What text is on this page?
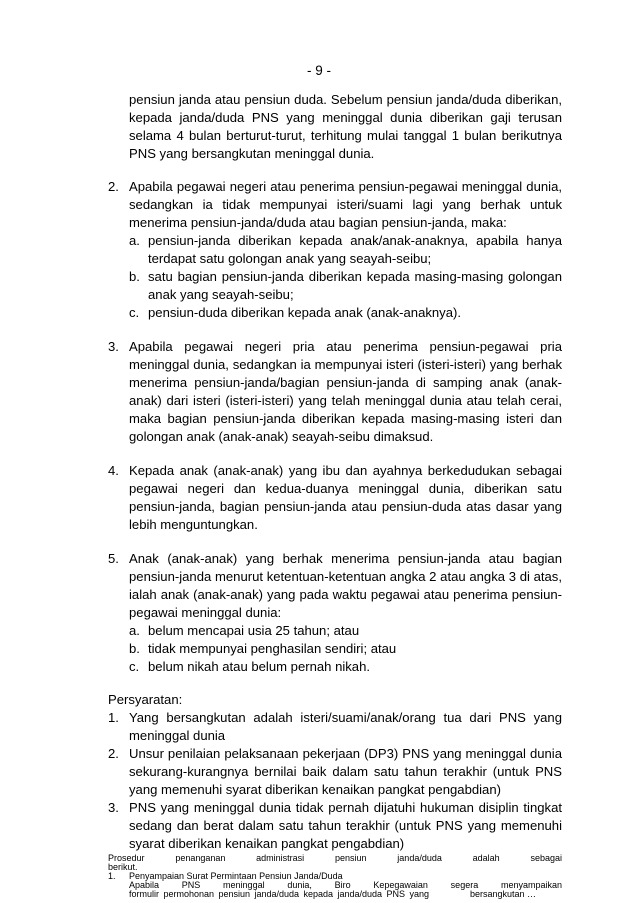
- 9 -
pensiun janda atau pensiun duda. Sebelum pensiun janda/duda diberikan,
kepada janda/duda PNS yang meninggal dunia diberikan gaji terusan
selama 4 bulan berturut-turut, terhitung mulai tanggal 1 bulan berikutnya
PNS yang bersangkutan meninggal dunia.
2. Apabila pegawai negeri atau penerima pensiun-pegawai meninggal dunia,
sedangkan ia tidak mempunyai isteri/suami lagi yang berhak untuk
menerima pensiun-janda/duda atau bagian pensiun-janda, maka:
a. pensiun-janda diberikan kepada anak/anak-anaknya, apabila hanya
terdapat satu golongan anak yang seayah-seibu;
b. satu bagian pensiun-janda diberikan kepada masing-masing golongan
anak yang seayah-seibu;
c. pensiun-duda diberikan kepada anak (anak-anaknya).
3. Apabila pegawai negeri pria atau penerima pensiun-pegawai pria
meninggal dunia, sedangkan ia mempunyai isteri (isteri-isteri) yang berhak
menerima pensiun-janda/bagian pensiun-janda di samping anak (anak-
anak) dari isteri (isteri-isteri) yang telah meninggal dunia atau telah cerai,
maka bagian pensiun-janda diberikan kepada masing-masing isteri dan
golongan anak (anak-anak) seayah-seibu dimaksud.
4. Kepada anak (anak-anak) yang ibu dan ayahnya berkedudukan sebagai
pegawai negeri dan kedua-duanya meninggal dunia, diberikan satu
pensiun-janda, bagian pensiun-janda atau pensiun-duda atas dasar yang
lebih menguntungkan.
5. Anak (anak-anak) yang berhak menerima pensiun-janda atau bagian
pensiun-janda menurut ketentuan-ketentuan angka 2 atau angka 3 di atas,
ialah anak (anak-anak) yang pada waktu pegawai atau penerima pensiun-
pegawai meninggal dunia:
a. belum mencapai usia 25 tahun; atau
b. tidak mempunyai penghasilan sendiri; atau
c. belum nikah atau belum pernah nikah.
Persyaratan:
1. Yang bersangkutan adalah isteri/suami/anak/orang tua dari PNS yang
meninggal dunia
2. Unsur penilaian pelaksanaan pekerjaan (DP3) PNS yang meninggal dunia
sekurang-kurangnya bernilai baik dalam satu tahun terakhir (untuk PNS
yang memenuhi syarat diberikan kenaikan pangkat pengabdian)
3. PNS yang meninggal dunia tidak pernah dijatuhi hukuman disiplin tingkat
sedang dan berat dalam satu tahun terakhir (untuk PNS yang memenuhi
syarat diberikan kenaikan pangkat pengabdian)
Prosedur penanganan administrasi pensiun janda/duda adalah sebagai
berikut.
1. Penyampaian Surat Permintaan Pensiun Janda/Duda
Apabila PNS meninggal dunia, Biro Kepegawaian segera menyampaikan
formulir permohonan pensiun janda/duda kepada janda/duda PNS yang	bersangkutan …
